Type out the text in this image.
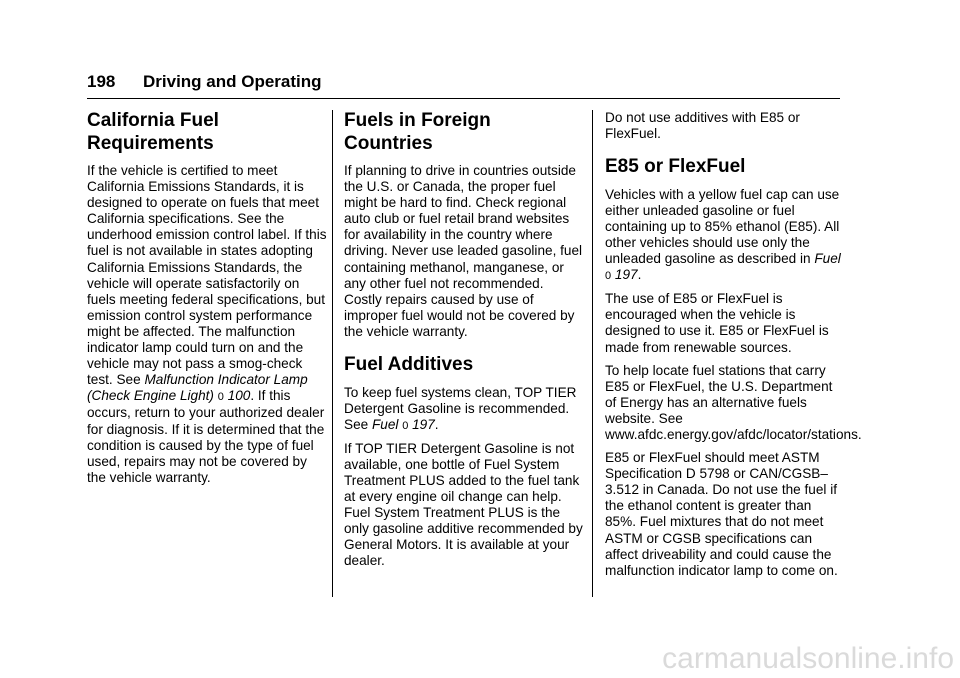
198 Driving and Operating
California Fuel Requirements

If the vehicle is certified to meet California Emissions Standards, it is designed to operate on fuels that meet California specifications. See the underhood emission control label. If this fuel is not available in states adopting California Emissions Standards, the vehicle will operate satisfactorily on fuels meeting federal specifications, but emission control system performance might be affected. The malfunction indicator lamp could turn on and the vehicle may not pass a smog-check test. See Malfunction Indicator Lamp (Check Engine Light) 0 100. If this occurs, return to your authorized dealer for diagnosis. If it is determined that the condition is caused by the type of fuel used, repairs may not be covered by the vehicle warranty.

Fuels in Foreign Countries

If planning to drive in countries outside the U.S. or Canada, the proper fuel might be hard to find. Check regional auto club or fuel retail brand websites for availability in the country where driving. Never use leaded gasoline, fuel containing methanol, manganese, or any other fuel not recommended. Costly repairs caused by use of improper fuel would not be covered by the vehicle warranty.

Fuel Additives

To keep fuel systems clean, TOP TIER Detergent Gasoline is recommended. See Fuel 0 197.

If TOP TIER Detergent Gasoline is not available, one bottle of Fuel System Treatment PLUS added to the fuel tank at every engine oil change can help. Fuel System Treatment PLUS is the only gasoline additive recommended by General Motors. It is available at your dealer.

Do not use additives with E85 or FlexFuel.

E85 or FlexFuel

Vehicles with a yellow fuel cap can use either unleaded gasoline or fuel containing up to 85% ethanol (E85). All other vehicles should use only the unleaded gasoline as described in Fuel 0 197.

The use of E85 or FlexFuel is encouraged when the vehicle is designed to use it. E85 or FlexFuel is made from renewable sources.

To help locate fuel stations that carry E85 or FlexFuel, the U.S. Department of Energy has an alternative fuels website. See www.afdc.energy.gov/afdc/locator/stations.

E85 or FlexFuel should meet ASTM Specification D 5798 or CAN/CGSB–3.512 in Canada. Do not use the fuel if the ethanol content is greater than 85%. Fuel mixtures that do not meet ASTM or CGSB specifications can affect driveability and could cause the malfunction indicator lamp to come on.

carmanualsonline.info
